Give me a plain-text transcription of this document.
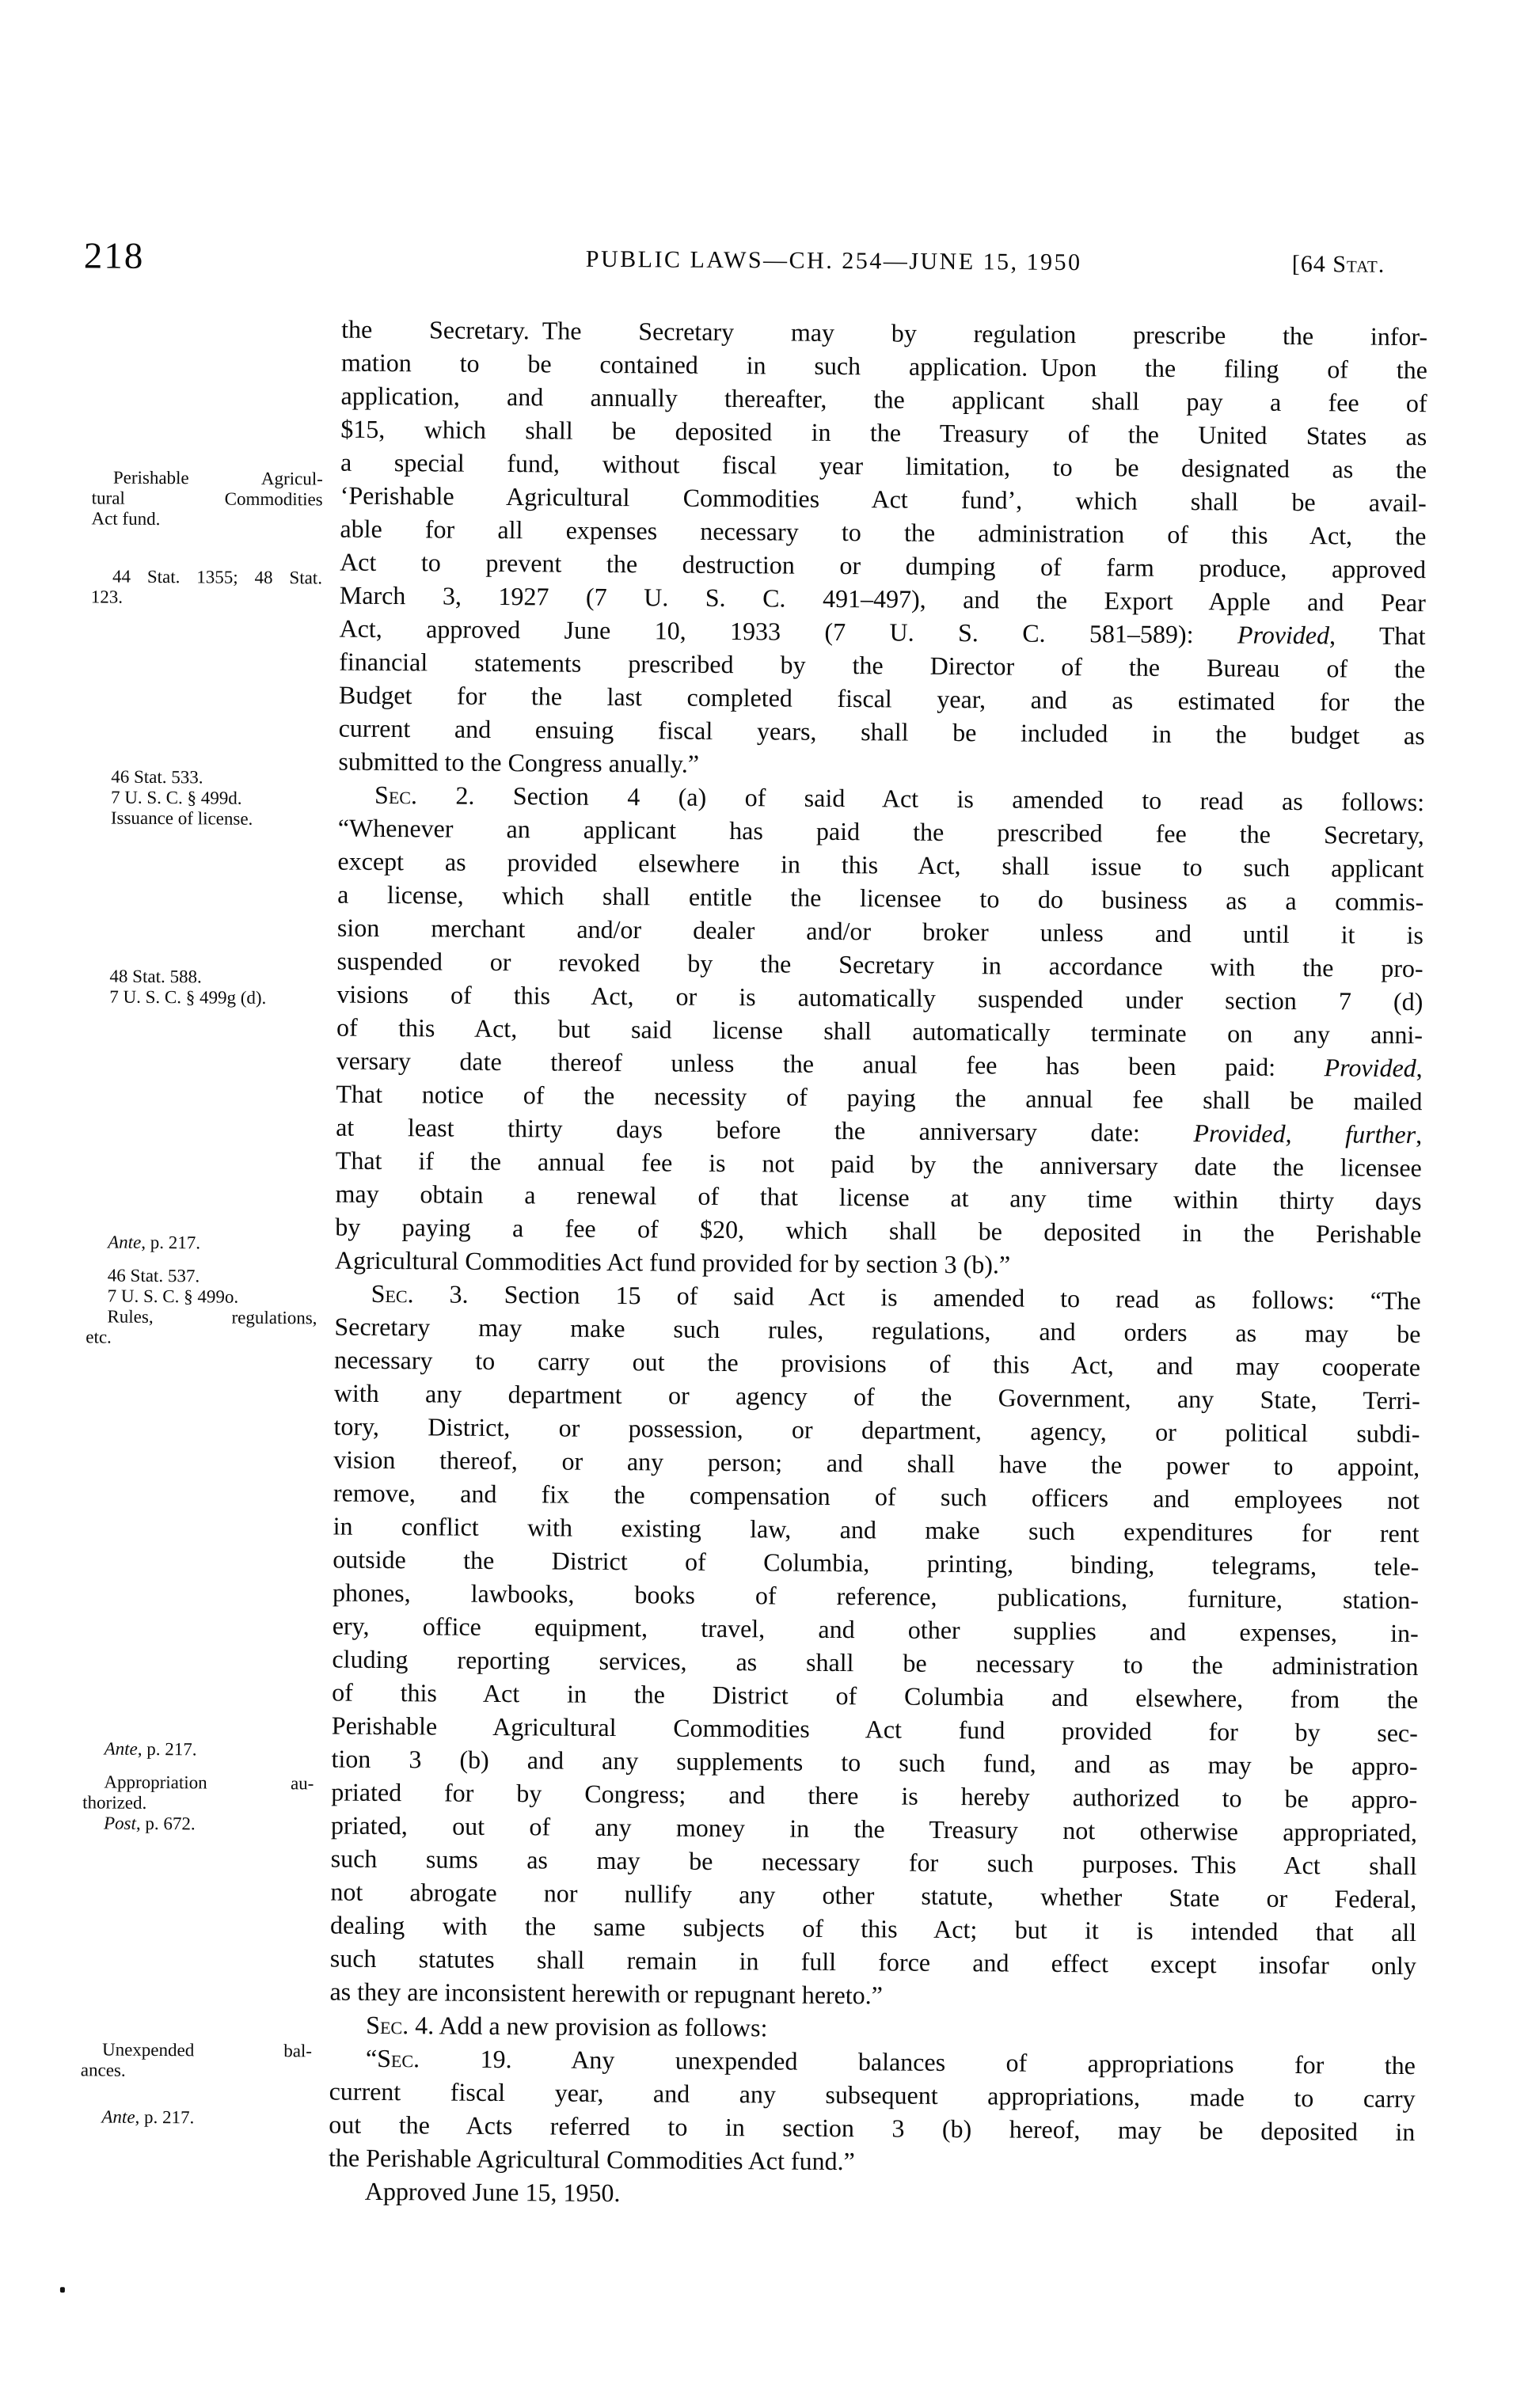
218	PUBLIC LAWS—CH. 254—JUNE 15, 1950	[64 Stat.
Perishable Agricul-
tural Commodities
Act fund.
44 Stat. 1355; 48 Stat.
123.
46 Stat. 533.
7 U. S. C. § 499d.
Issuance of license.
48 Stat. 588.
7 U. S. C. § 499g (d).
Ante, p. 217.
46 Stat. 537.
7 U. S. C. § 499o.
Rules, regulations,
etc.
Ante, p. 217.
Appropriation au-
thorized.
Post, p. 672.
Unexpended bal-
ances.
Ante, p. 217.
the Secretary. The Secretary may by regulation prescribe the infor-
mation to be contained in such application. Upon the filing of the
application, and annually thereafter, the applicant shall pay a fee of
$15, which shall be deposited in the Treasury of the United States as
a special fund, without fiscal year limitation, to be designated as the
‘Perishable Agricultural Commodities Act fund’, which shall be avail-
able for all expenses necessary to the administration of this Act, the
Act to prevent the destruction or dumping of farm produce, approved
March 3, 1927 (7 U. S. C. 491–497), and the Export Apple and Pear
Act, approved June 10, 1933 (7 U. S. C. 581–589): Provided, That
financial statements prescribed by the Director of the Bureau of the
Budget for the last completed fiscal year, and as estimated for the
current and ensuing fiscal years, shall be included in the budget as
submitted to the Congress anually.”
Sec. 2. Section 4 (a) of said Act is amended to read as follows:
“Whenever an applicant has paid the prescribed fee the Secretary,
except as provided elsewhere in this Act, shall issue to such applicant
a license, which shall entitle the licensee to do business as a commis-
sion merchant and/or dealer and/or broker unless and until it is
suspended or revoked by the Secretary in accordance with the pro-
visions of this Act, or is automatically suspended under section 7 (d)
of this Act, but said license shall automatically terminate on any anni-
versary date thereof unless the anual fee has been paid: Provided,
That notice of the necessity of paying the annual fee shall be mailed
at least thirty days before the anniversary date: Provided, further,
That if the annual fee is not paid by the anniversary date the licensee
may obtain a renewal of that license at any time within thirty days
by paying a fee of $20, which shall be deposited in the Perishable
Agricultural Commodities Act fund provided for by section 3 (b).”
Sec. 3. Section 15 of said Act is amended to read as follows: “The
Secretary may make such rules, regulations, and orders as may be
necessary to carry out the provisions of this Act, and may cooperate
with any department or agency of the Government, any State, Terri-
tory, District, or possession, or department, agency, or political subdi-
vision thereof, or any person; and shall have the power to appoint,
remove, and fix the compensation of such officers and employees not
in conflict with existing law, and make such expenditures for rent
outside the District of Columbia, printing, binding, telegrams, tele-
phones, lawbooks, books of reference, publications, furniture, station-
ery, office equipment, travel, and other supplies and expenses, in-
cluding reporting services, as shall be necessary to the administration
of this Act in the District of Columbia and elsewhere, from the
Perishable Agricultural Commodities Act fund provided for by sec-
tion 3 (b) and any supplements to such fund, and as may be appro-
priated for by Congress; and there is hereby authorized to be appro-
priated, out of any money in the Treasury not otherwise appropriated,
such sums as may be necessary for such purposes. This Act shall
not abrogate nor nullify any other statute, whether State or Federal,
dealing with the same subjects of this Act; but it is intended that all
such statutes shall remain in full force and effect except insofar only
as they are inconsistent herewith or repugnant hereto.”
Sec. 4. Add a new provision as follows:
“Sec. 19. Any unexpended balances of appropriations for the
current fiscal year, and any subsequent appropriations, made to carry
out the Acts referred to in section 3 (b) hereof, may be deposited in
the Perishable Agricultural Commodities Act fund.”
Approved June 15, 1950.
